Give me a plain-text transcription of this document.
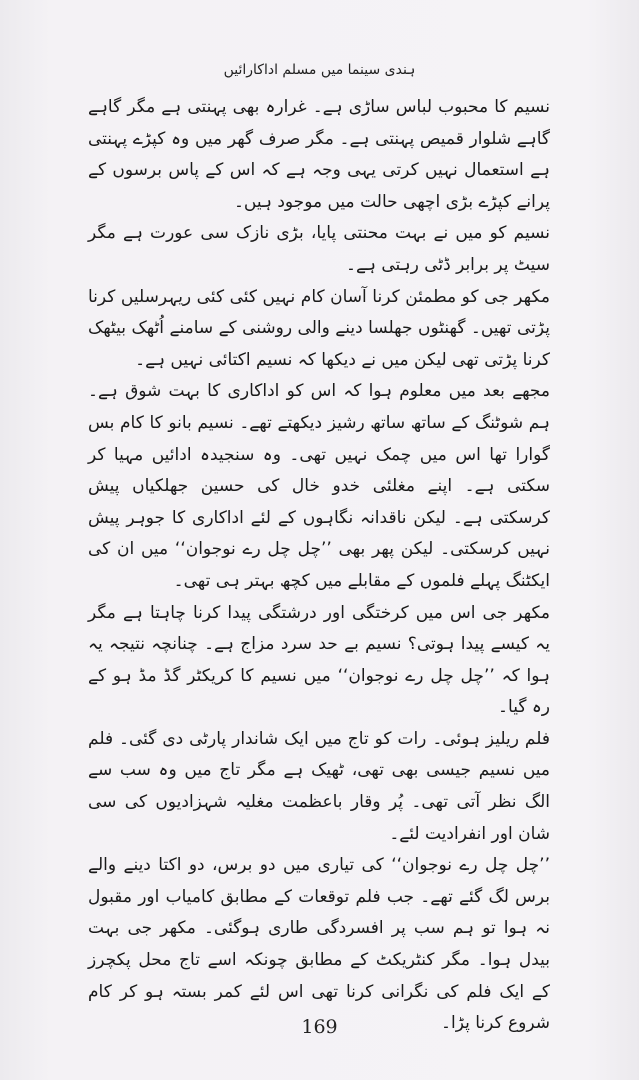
ہندی سینما میں مسلم اداکارائیں

نسیم کا محبوب لباس ساڑی ہے۔ غرارہ بھی پہنتی ہے مگر گاہے گاہے شلوار قمیص پہنتی ہے۔ مگر صرف گھر میں وہ کپڑے پہنتی ہے استعمال نہیں کرتی یہی وجہ ہے کہ اس کے پاس برسوں کے پرانے کپڑے بڑی اچھی حالت میں موجود ہیں۔

نسیم کو میں نے بہت محنتی پایا، بڑی نازک سی عورت ہے مگر سیٹ پر برابر ڈٹی رہتی ہے۔

مکھر جی کو مطمئن کرنا آسان کام نہیں کئی کئی ریہرسلیں کرنا پڑتی تھیں۔ گھنٹوں جھلسا دینے والی روشنی کے سامنے اُٹھک بیٹھک کرنا پڑتی تھی لیکن میں نے دیکھا کہ نسیم اکتائی نہیں ہے۔

مجھے بعد میں معلوم ہوا کہ اس کو اداکاری کا بہت شوق ہے۔ ہم شوٹنگ کے ساتھ ساتھ رشیز دیکھتے تھے۔ نسیم بانو کا کام بس گوارا تھا اس میں چمک نہیں تھی۔ وہ سنجیدہ ادائیں مہیا کر سکتی ہے۔ اپنے مغلئی خدو خال کی حسین جھلکیاں پیش کرسکتی ہے۔ لیکن ناقدانہ نگاہوں کے لئے اداکاری کا جوہر پیش نہیں کرسکتی۔ لیکن پھر بھی ’’چل چل رے نوجوان‘‘ میں ان کی ایکٹنگ پہلے فلموں کے مقابلے میں کچھ بہتر ہی تھی۔

مکھر جی اس میں کرختگی اور درشتگی پیدا کرنا چاہتا ہے مگر یہ کیسے پیدا ہوتی؟ نسیم بے حد سرد مزاج ہے۔ چنانچہ نتیجہ یہ ہوا کہ ’’چل چل رے نوجوان‘‘ میں نسیم کا کریکٹر گڈ مڈ ہو کے رہ گیا۔

فلم ریلیز ہوئی۔ رات کو تاج میں ایک شاندار پارٹی دی گئی۔ فلم میں نسیم جیسی بھی تھی، ٹھیک ہے مگر تاج میں وہ سب سے الگ نظر آتی تھی۔ پُر وقار باعظمت مغلیہ شہزادیوں کی سی شان اور انفرادیت لئے۔

’’چل چل رے نوجوان‘‘ کی تیاری میں دو برس، دو اکتا دینے والے برس لگ گئے تھے۔ جب فلم توقعات کے مطابق کامیاب اور مقبول نہ ہوا تو ہم سب پر افسردگی طاری ہوگئی۔ مکھر جی بہت بیدل ہوا۔ مگر کنٹریکٹ کے مطابق چونکہ اسے تاج محل پکچرز کے ایک فلم کی نگرانی کرنا تھی اس لئے کمر بستہ ہو کر کام شروع کرنا پڑا۔

169
